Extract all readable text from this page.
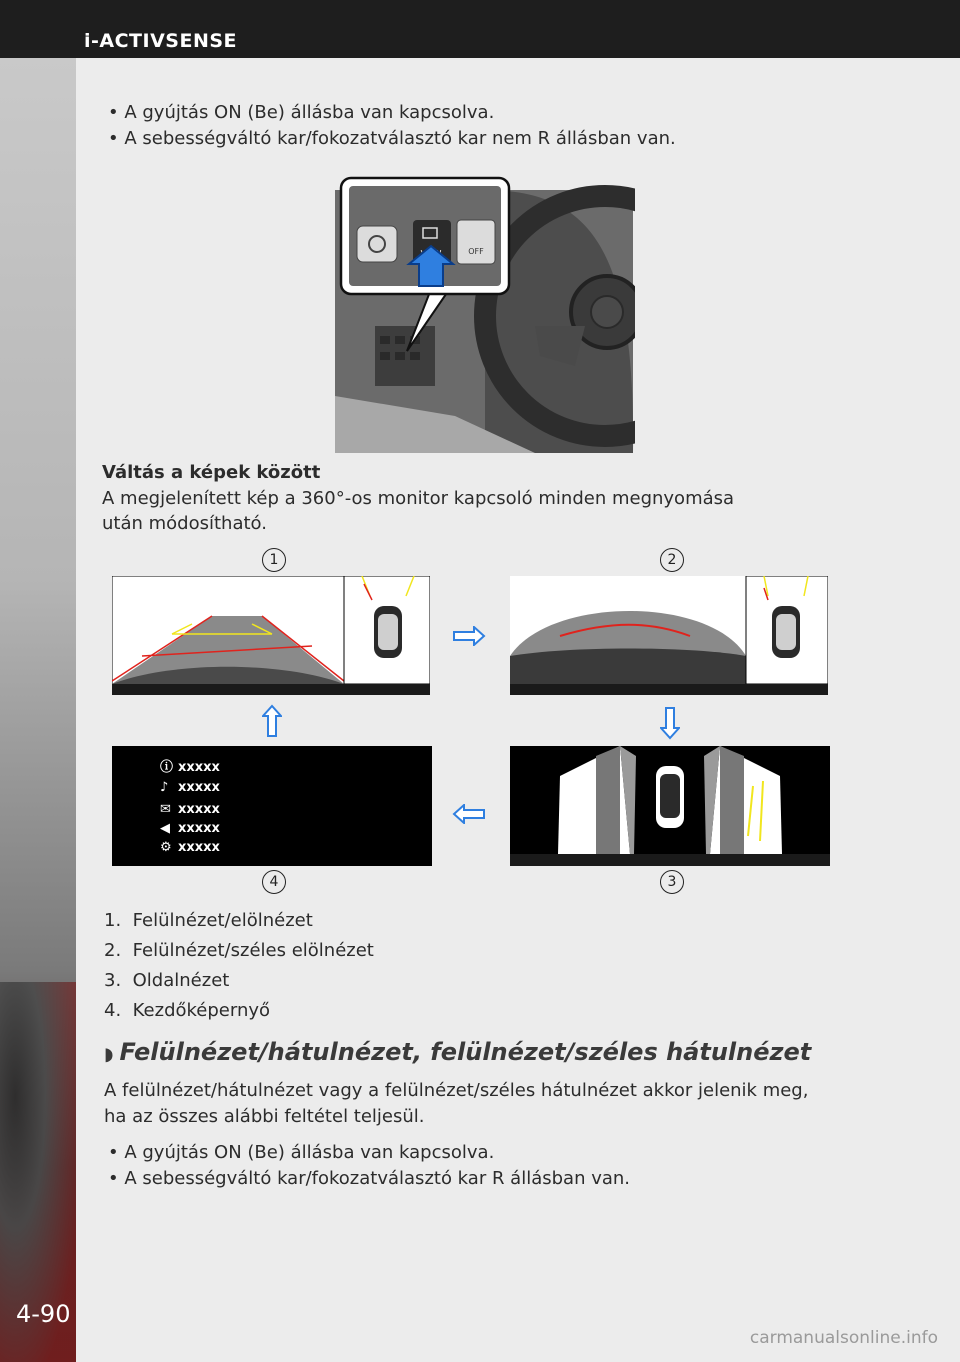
i-ACTIVSENSE
4-90

• A gyújtás ON (Be) állásba van kapcsolva.

• A sebességváltó kar/fokozatválasztó kar nem R állásban van.

OFF

Váltás a képek között

A megjelenített kép a 360°-os monitor kapcsoló minden megnyomása

után módosítható.

1	2
3
4
ⓘ xxxxx
♪ xxxxx
✉ xxxxx
◀ xxxxx
⚙ xxxxx

1. Felülnézet/elölnézet

2. Felülnézet/széles elölnézet

3. Oldalnézet

4. Kezdőképernyő

◗ Felülnézet/hátulnézet, felülnézet/széles hátulnézet

A felülnézet/hátulnézet vagy a felülnézet/széles hátulnézet akkor jelenik meg,

ha az összes alábbi feltétel teljesül.

• A gyújtás ON (Be) állásba van kapcsolva.

• A sebességváltó kar/fokozatválasztó kar R állásban van.

carmanualsonline.info
